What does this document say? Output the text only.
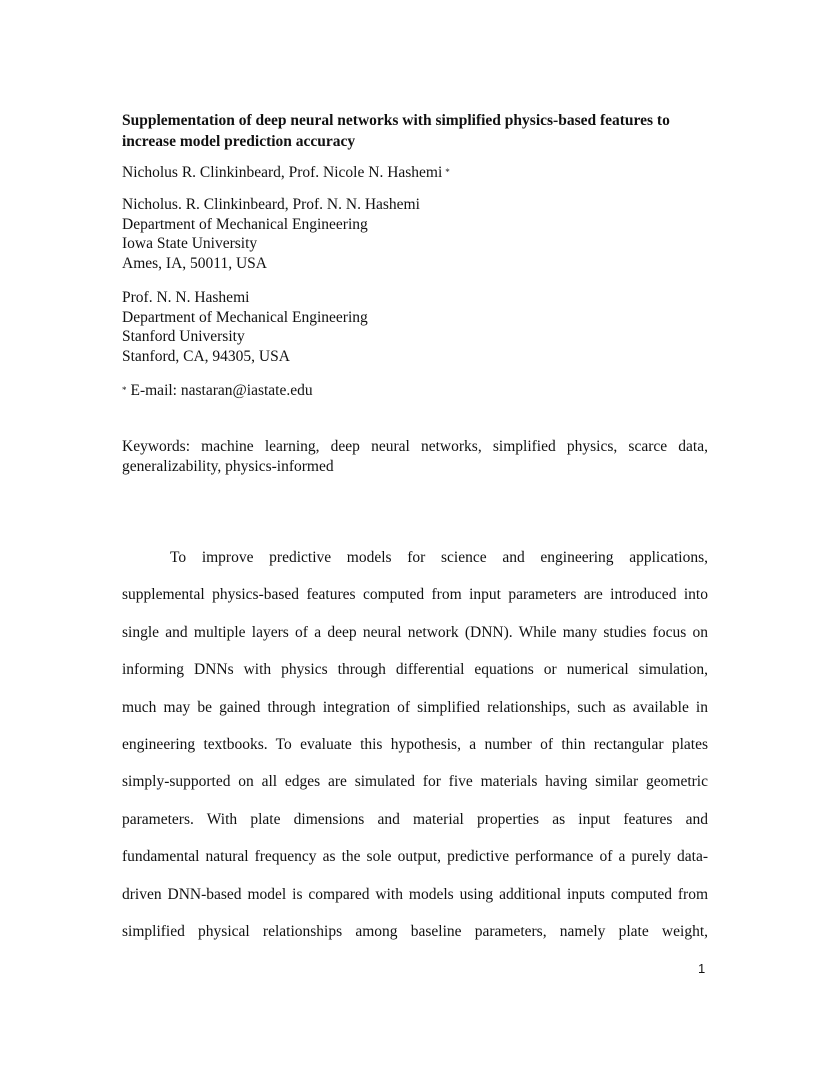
Supplementation of deep neural networks with simplified physics-based features to increase model prediction accuracy
Nicholus R. Clinkinbeard, Prof. Nicole N. Hashemi *
Nicholus. R. Clinkinbeard, Prof. N. N. Hashemi
Department of Mechanical Engineering
Iowa State University
Ames, IA, 50011, USA
Prof. N. N. Hashemi
Department of Mechanical Engineering
Stanford University
Stanford, CA, 94305, USA
* E-mail: nastaran@iastate.edu
Keywords: machine learning, deep neural networks, simplified physics, scarce data, generalizability, physics-informed
To improve predictive models for science and engineering applications,
supplemental physics-based features computed from input parameters are introduced into
single and multiple layers of a deep neural network (DNN). While many studies focus on
informing DNNs with physics through differential equations or numerical simulation,
much may be gained through integration of simplified relationships, such as available in
engineering textbooks. To evaluate this hypothesis, a number of thin rectangular plates
simply-supported on all edges are simulated for five materials having similar geometric
parameters. With plate dimensions and material properties as input features and
fundamental natural frequency as the sole output, predictive performance of a purely data-
driven DNN-based model is compared with models using additional inputs computed from
simplified physical relationships among baseline parameters, namely plate weight,
1
